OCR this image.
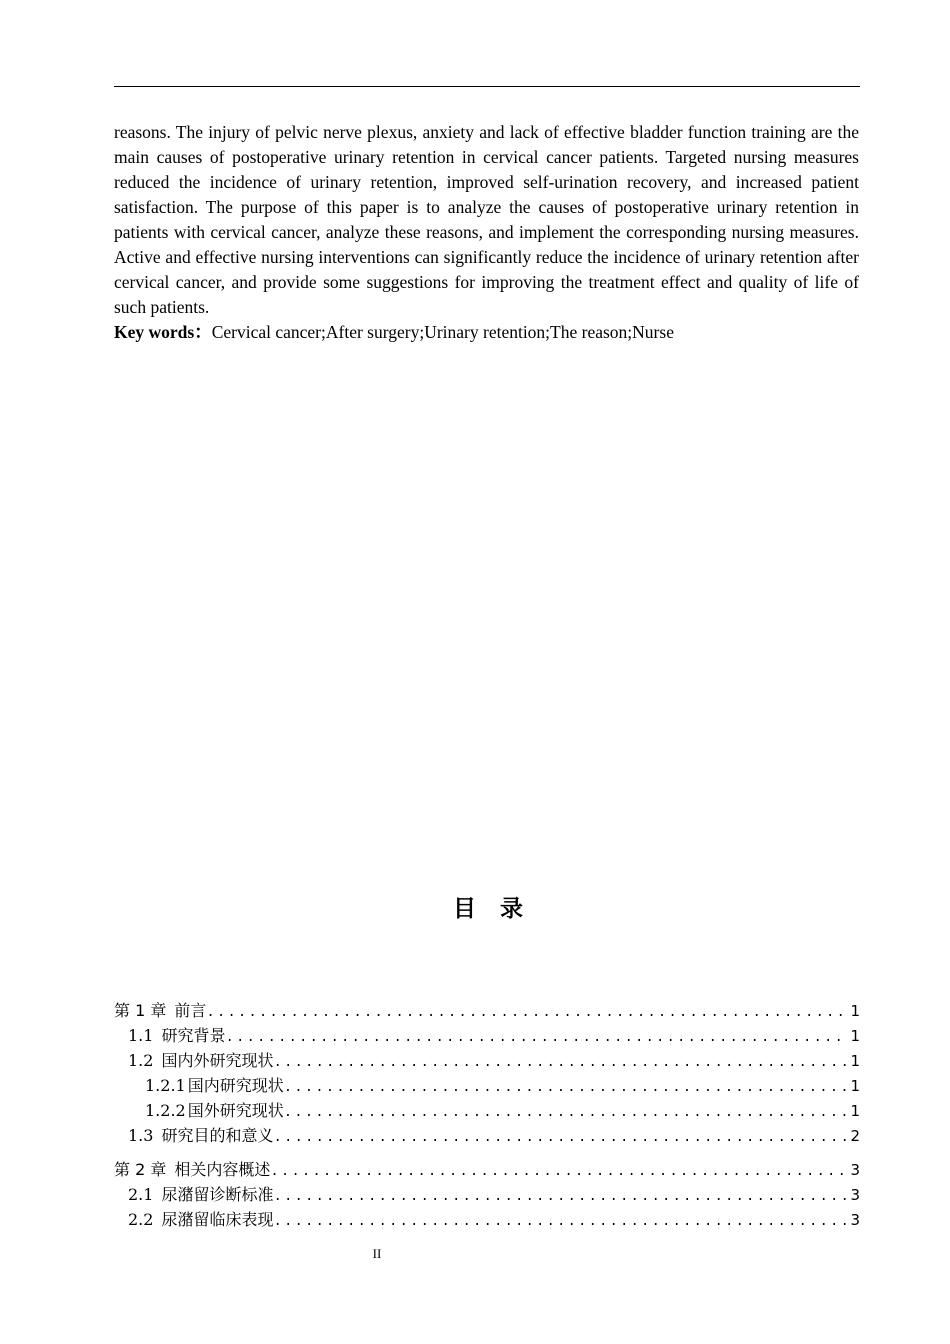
reasons. The injury of pelvic nerve plexus, anxiety and lack of effective bladder function training are the main causes of postoperative urinary retention in cervical cancer patients. Targeted nursing measures reduced the incidence of urinary retention, improved self-urination recovery, and increased patient satisfaction. The purpose of this paper is to analyze the causes of postoperative urinary retention in patients with cervical cancer, analyze these reasons, and implement the corresponding nursing measures. Active and effective nursing interventions can significantly reduce the incidence of urinary retention after cervical cancer, and provide some suggestions for improving the treatment effect and quality of life of such patients.

Key words：Cervical cancer;After surgery;Urinary retention;The reason;Nurse

目 录
第 1 章 前言 .....	1
1.1 研究背景 .....	1
1.2 国内外研究现状 .....	1
1.2.1 国内研究现状 .....	1
1.2.2 国外研究现状 .....	1
1.3 研究目的和意义 .....	2
第 2 章 相关内容概述 .....	3
2.1 尿潴留诊断标准 .....	3
2.2 尿潴留临床表现 .....	3
II
